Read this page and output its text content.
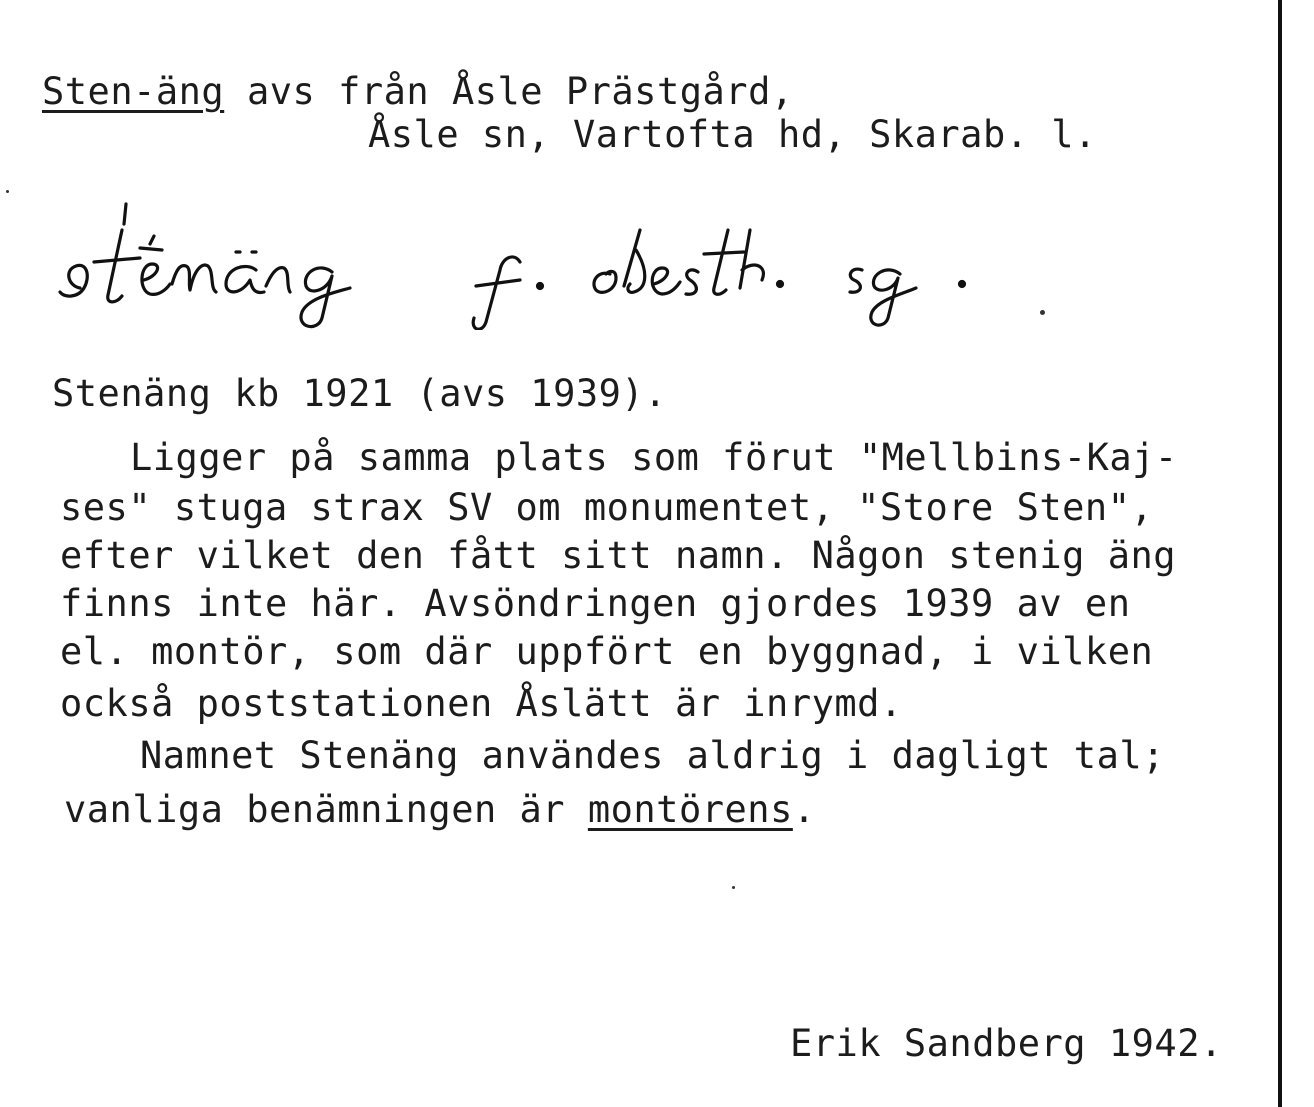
Sten-äng avs från Åsle Prästgård,
Åsle sn, Vartofta hd, Skarab. l.
Stenäng kb 1921 (avs 1939).
Ligger på samma plats som förut "Mellbins-Kaj-
ses" stuga strax SV om monumentet, "Store Sten",
efter vilket den fått sitt namn. Någon stenig äng
finns inte här. Avsöndringen gjordes 1939 av en
el. montör, som där uppfört en byggnad, i vilken
också poststationen Åslätt är inrymd.
Namnet Stenäng användes aldrig i dagligt tal;
vanliga benämningen är montörens.
Erik Sandberg 1942.
